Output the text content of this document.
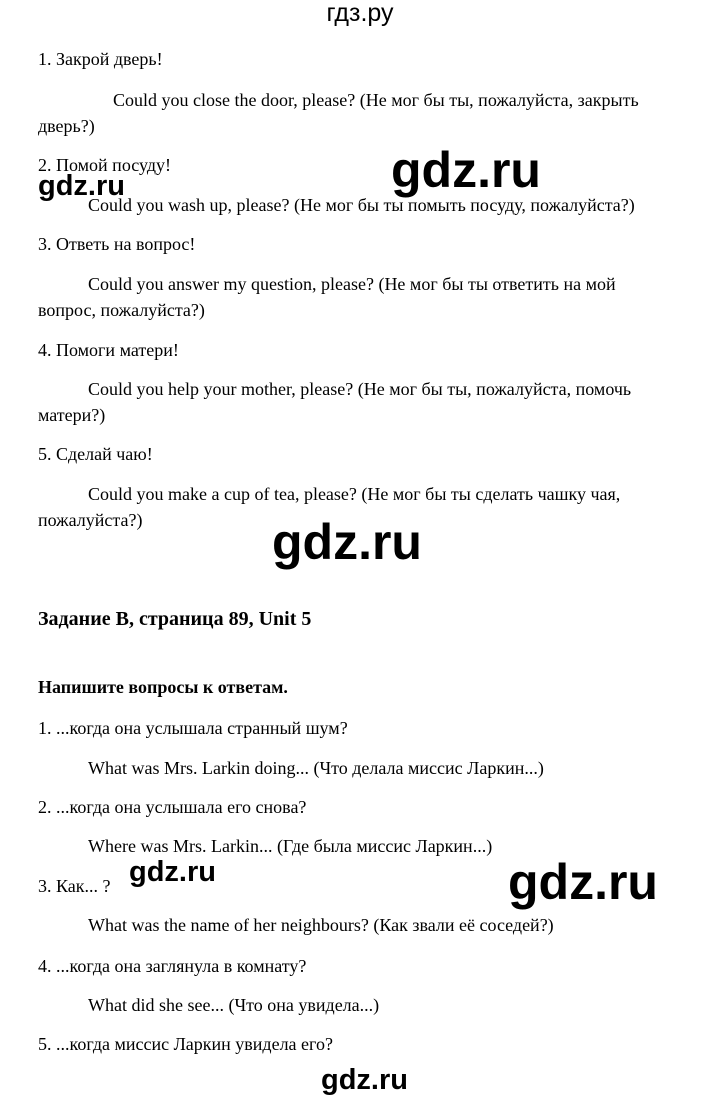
гдз.ру
1. Закрой дверь!
Could you close the door, please? (Не мог бы ты, пожалуйста, закрыть
дверь?)
2. Помой посуду!
Could you wash up, please? (Не мог бы ты помыть посуду, пожалуйста?)
3. Ответь на вопрос!
Could you answer my question, please? (Не мог бы ты ответить на мой
вопрос, пожалуйста?)
4. Помоги матери!
Could you help your mother, please? (Не мог бы ты, пожалуйста, помочь
матери?)
5. Сделай чаю!
Could you make a cup of tea, please? (Не мог бы ты сделать чашку чая,
пожалуйста?)
Задание B, страница 89, Unit 5
Напишите вопросы к ответам.
1. ...когда она услышала странный шум?
What was Mrs. Larkin doing... (Что делала миссис Ларкин...)
2. ...когда она услышала его снова?
Where was Mrs. Larkin... (Где была миссис Ларкин...)
3. Как... ?
What was the name of her neighbours? (Как звали её соседей?)
4. ...когда она заглянула в комнату?
What did she see... (Что она увидела...)
5. ...когда миссис Ларкин увидела его?
gdz.ru
gdz.ru
gdz.ru
gdz.ru	gdz.ru
gdz.ru
